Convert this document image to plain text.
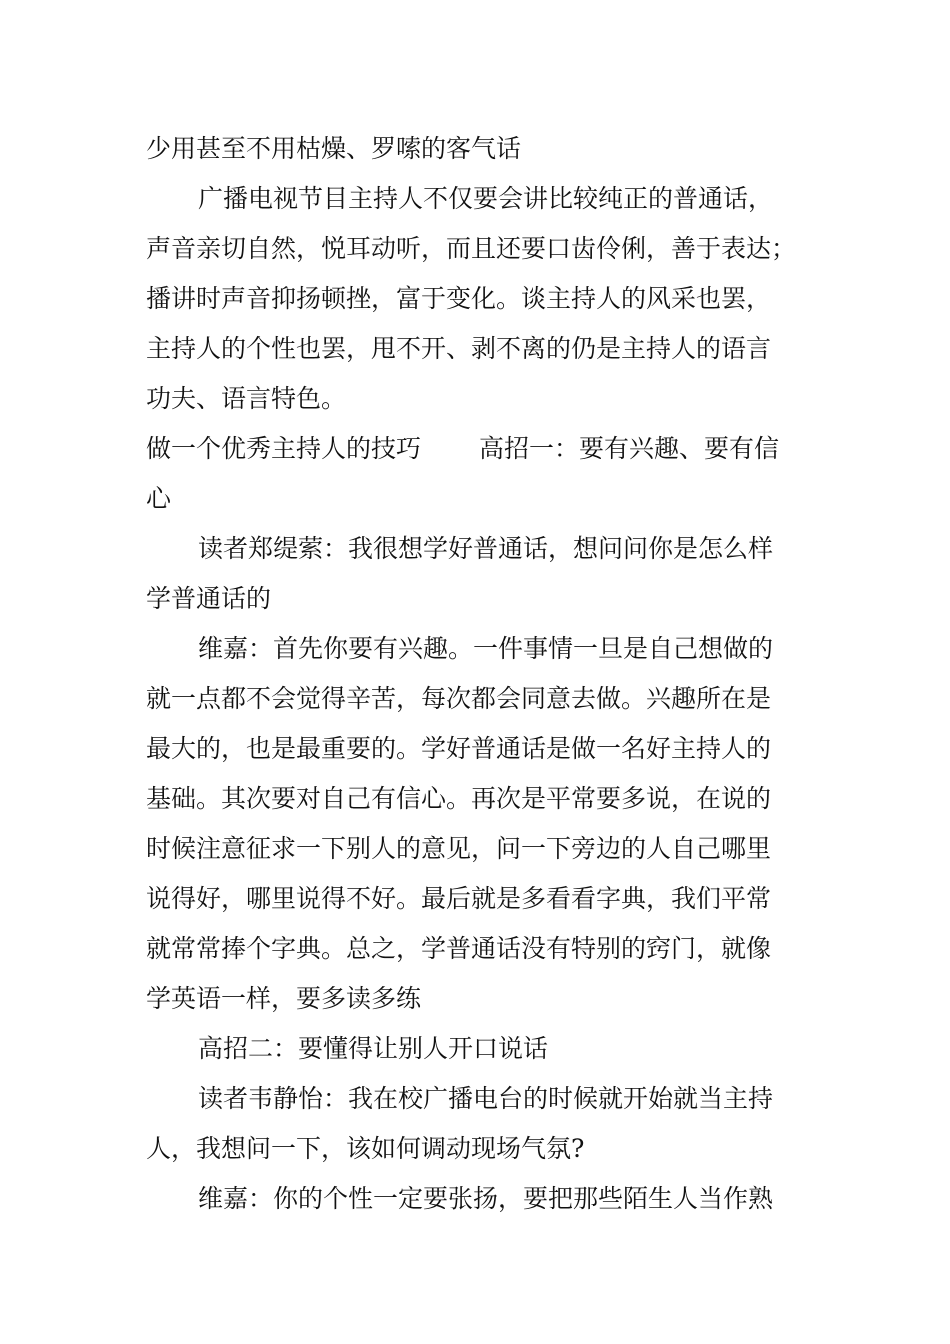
少用甚至不用枯燥、罗嗦的客气话
广播电视节目主持人不仅要会讲比较纯正的普通话，
声音亲切自然，悦耳动听，而且还要口齿伶俐，善于表达；
播讲时声音抑扬顿挫，富于变化。谈主持人的风采也罢，
主持人的个性也罢，甩不开、剥不离的仍是主持人的语言
功夫、语言特色。
做一个优秀主持人的技巧 高招一：要有兴趣、要有信
心
读者郑缇萦：我很想学好普通话，想问问你是怎么样
学普通话的
维嘉：首先你要有兴趣。一件事情一旦是自己想做的
就一点都不会觉得辛苦，每次都会同意去做。兴趣所在是
最大的，也是最重要的。学好普通话是做一名好主持人的
基础。其次要对自己有信心。再次是平常要多说，在说的
时候注意征求一下别人的意见，问一下旁边的人自己哪里
说得好，哪里说得不好。最后就是多看看字典，我们平常
就常常捧个字典。总之，学普通话没有特别的窍门，就像
学英语一样，要多读多练
高招二：要懂得让别人开口说话
读者韦静怡：我在校广播电台的时候就开始就当主持
人，我想问一下，该如何调动现场气氛?
维嘉：你的个性一定要张扬，要把那些陌生人当作熟
